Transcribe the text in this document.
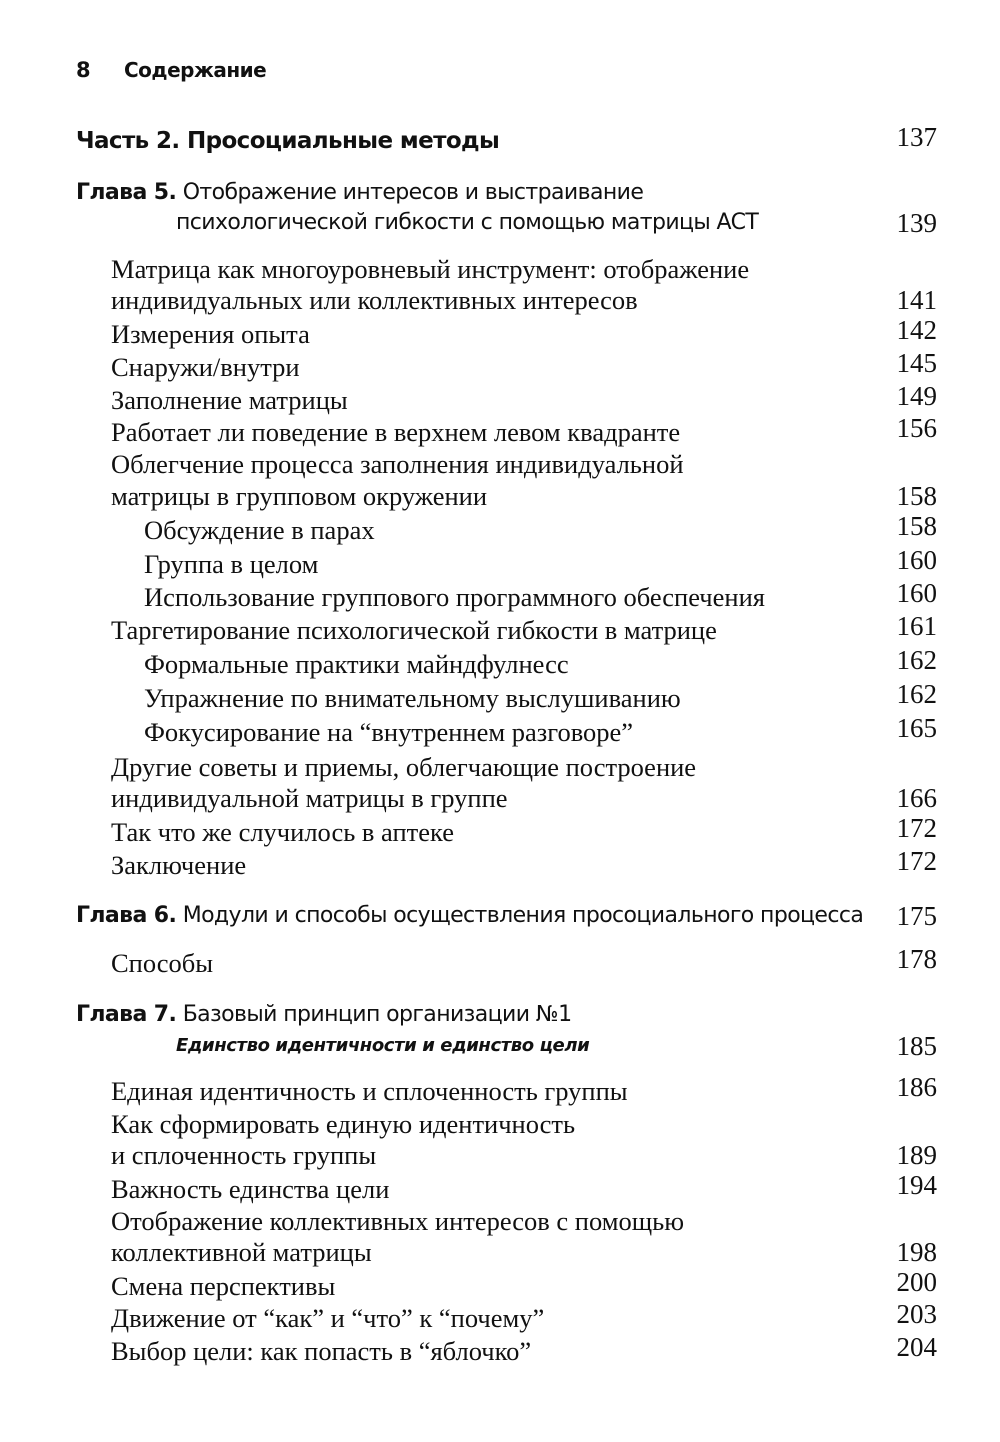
8 Содержание
Часть 2. Просоциальные методы	137
Глава 5. Отображение интересов и выстраивание
психологической гибкости с помощью матрицы ACT	139
Матрица как многоуровневый инструмент: отображение
индивидуальных или коллективных интересов	141
Измерения опыта	142
Снаружи/внутри	145
Заполнение матрицы	149
Работает ли поведение в верхнем левом квадранте	156
Облегчение процесса заполнения индивидуальной
матрицы в групповом окружении	158
Обсуждение в парах	158
Группа в целом	160
Использование группового программного обеспечения	160
Таргетирование психологической гибкости в матрице	161
Формальные практики майндфулнесс	162
Упражнение по внимательному выслушиванию	162
Фокусирование на “внутреннем разговоре”	165
Другие советы и приемы, облегчающие построение
индивидуальной матрицы в группе	166
Так что же случилось в аптеке	172
Заключение	172
Глава 6. Модули и способы осуществления просоциального процесса 175
Способы	178
Глава 7. Базовый принцип организации №1
Единство идентичности и единство цели	185
Единая идентичность и сплоченность группы	186
Как сформировать единую идентичность
и сплоченность группы	189
Важность единства цели	194
Отображение коллективных интересов с помощью
коллективной матрицы	198
Смена перспективы	200
Движение от “как” и “что” к “почему”	203
Выбор цели: как попасть в “яблочко”	204
